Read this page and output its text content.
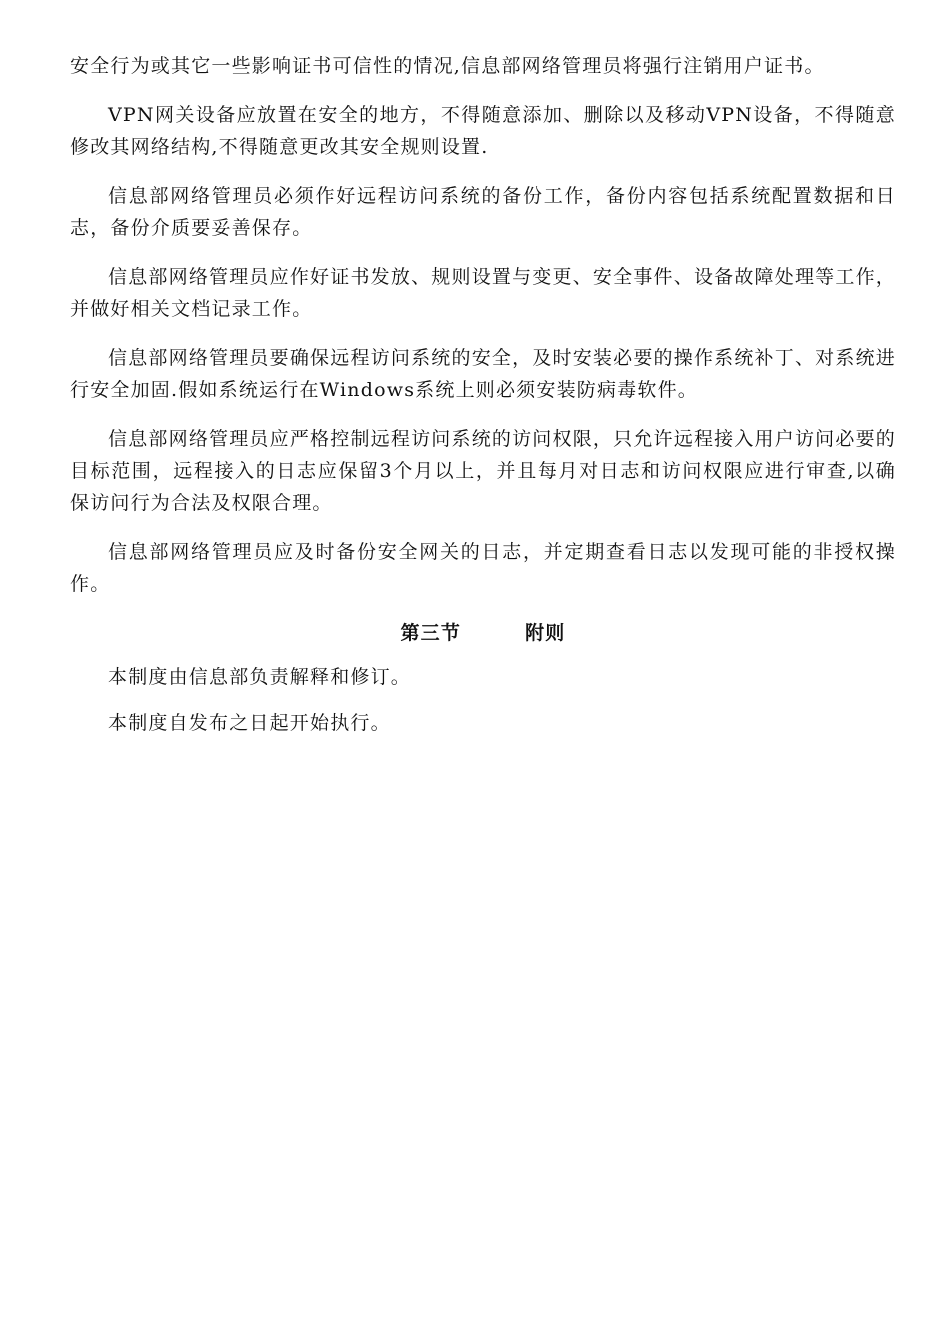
安全行为或其它一些影响证书可信性的情况,信息部网络管理员将强行注销用户证书。

VPN网关设备应放置在安全的地方，不得随意添加、删除以及移动VPN设备，不得随意修改其网络结构,不得随意更改其安全规则设置.

信息部网络管理员必须作好远程访问系统的备份工作，备份内容包括系统配置数据和日志，备份介质要妥善保存。

信息部网络管理员应作好证书发放、规则设置与变更、安全事件、设备故障处理等工作，并做好相关文档记录工作。

信息部网络管理员要确保远程访问系统的安全，及时安装必要的操作系统补丁、对系统进行安全加固.假如系统运行在Windows系统上则必须安装防病毒软件。

信息部网络管理员应严格控制远程访问系统的访问权限，只允许远程接入用户访问必要的目标范围，远程接入的日志应保留3个月以上，并且每月对日志和访问权限应进行审查,以确保访问行为合法及权限合理。

信息部网络管理员应及时备份安全网关的日志，并定期查看日志以发现可能的非授权操作。

第三节	附则

本制度由信息部负责解释和修订。

本制度自发布之日起开始执行。
